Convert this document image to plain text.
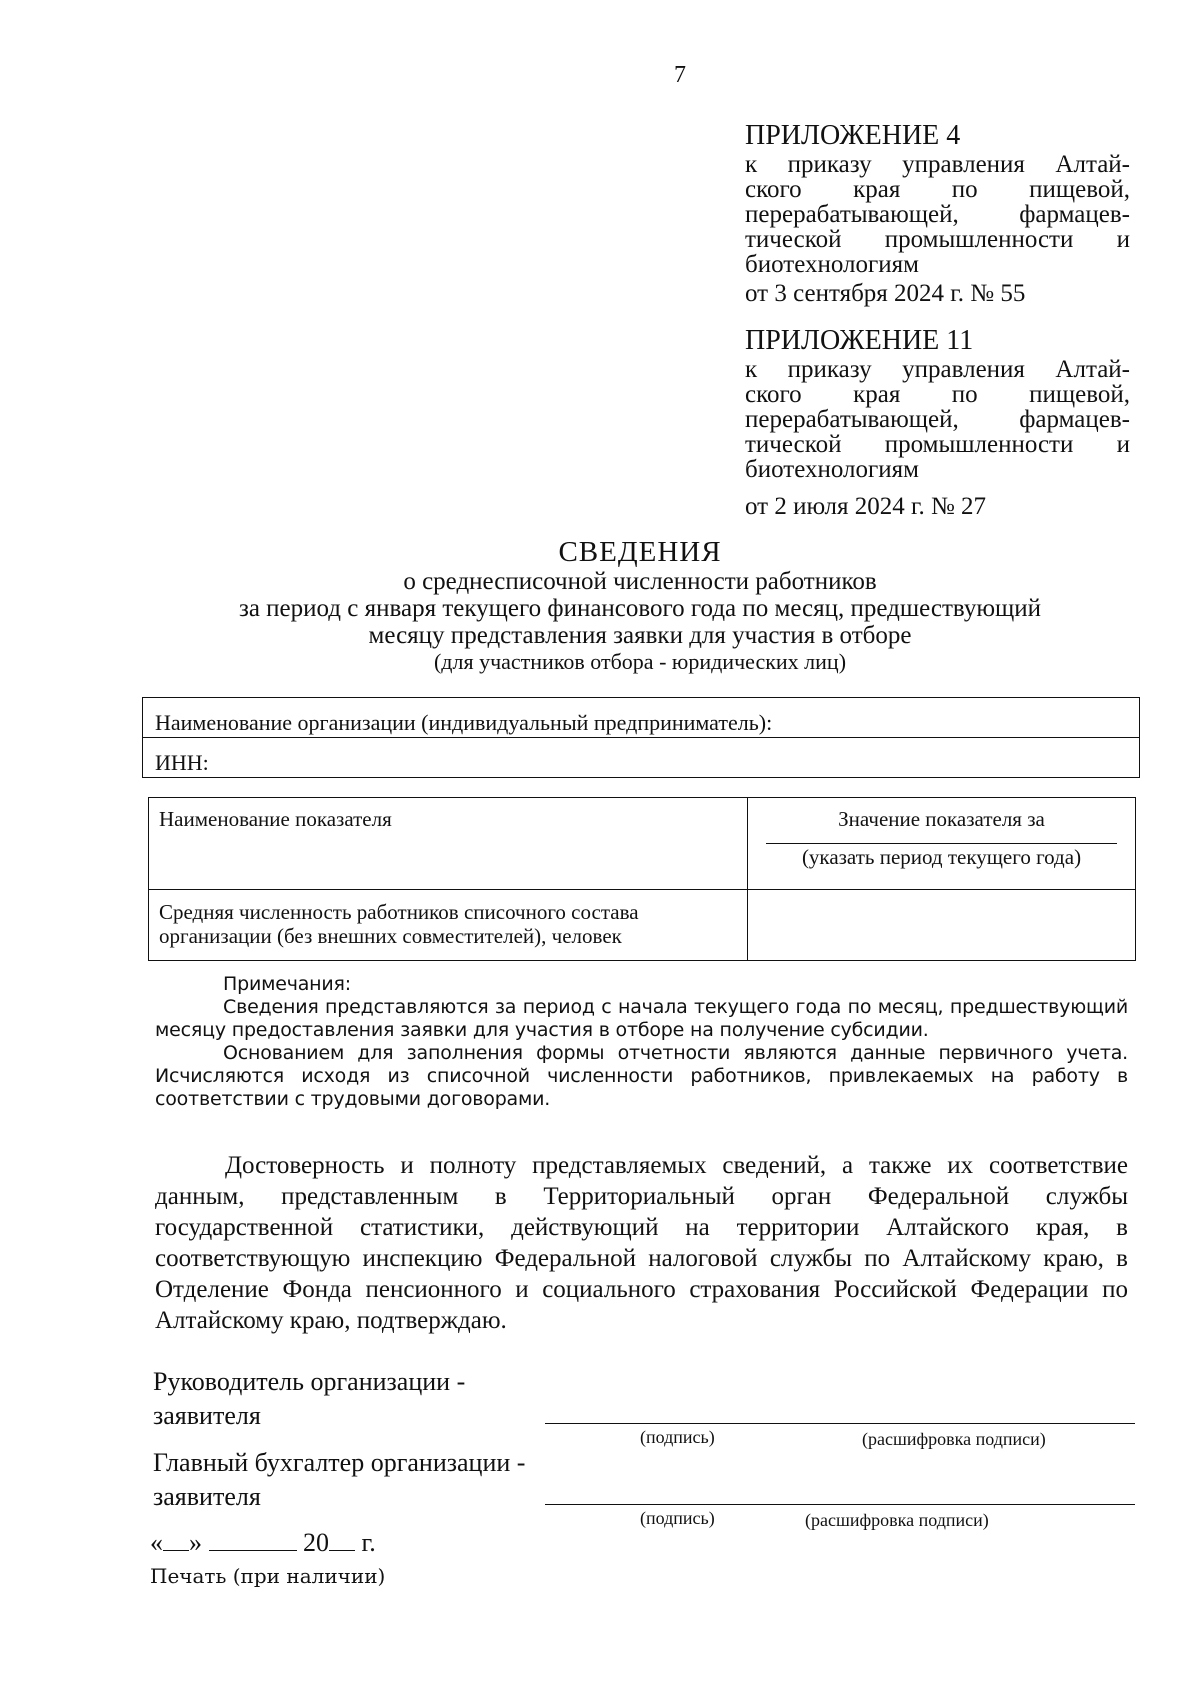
7
ПРИЛОЖЕНИЕ 4
к приказу управления Алтай-
ского края по пищевой,
перерабатывающей, фармацев-
тической промышленности и
биотехнологиям
от 3 сентября 2024 г. № 55
ПРИЛОЖЕНИЕ 11
к приказу управления Алтай-
ского края по пищевой,
перерабатывающей, фармацев-
тической промышленности и
биотехнологиям
от 2 июля 2024 г. № 27
СВЕДЕНИЯ
о среднесписочной численности работников
за период с января текущего финансового года по месяц, предшествующий
месяцу представления заявки для участия в отборе
(для участников отбора - юридических лиц)
Наименование организации (индивидуальный предприниматель):
ИНН:
Наименование показателя	Значение показателя за
(указать период текущего года)

Средняя численность работников списочного состава организации (без внешних совместителей), человек	

Примечания:

Сведения представляются за период с начала текущего года по месяц, предшествующий месяцу предоставления заявки для участия в отборе на получение субсидии.

Основанием для заполнения формы отчетности являются данные первичного учета. Исчисляются исходя из списочной численности работников, привлекаемых на работу в соответствии с трудовыми договорами.

Достоверность и полноту представляемых сведений, а также их соответствие данным, представленным в Территориальный орган Федеральной службы государственной статистики, действующий на территории Алтайского края, в соответствующую инспекцию Федеральной налоговой службы по Алтайскому краю, в Отделение Фонда пенсионного и социального страхования Российской Федерации по Алтайскому краю, подтверждаю.

Руководитель организации -
заявителя
(подпись)	(расшифровка подписи)
Главный бухгалтер организации -
заявителя
(подпись)	(расшифровка подписи)
« »	20 г.
Печать (при наличии)
